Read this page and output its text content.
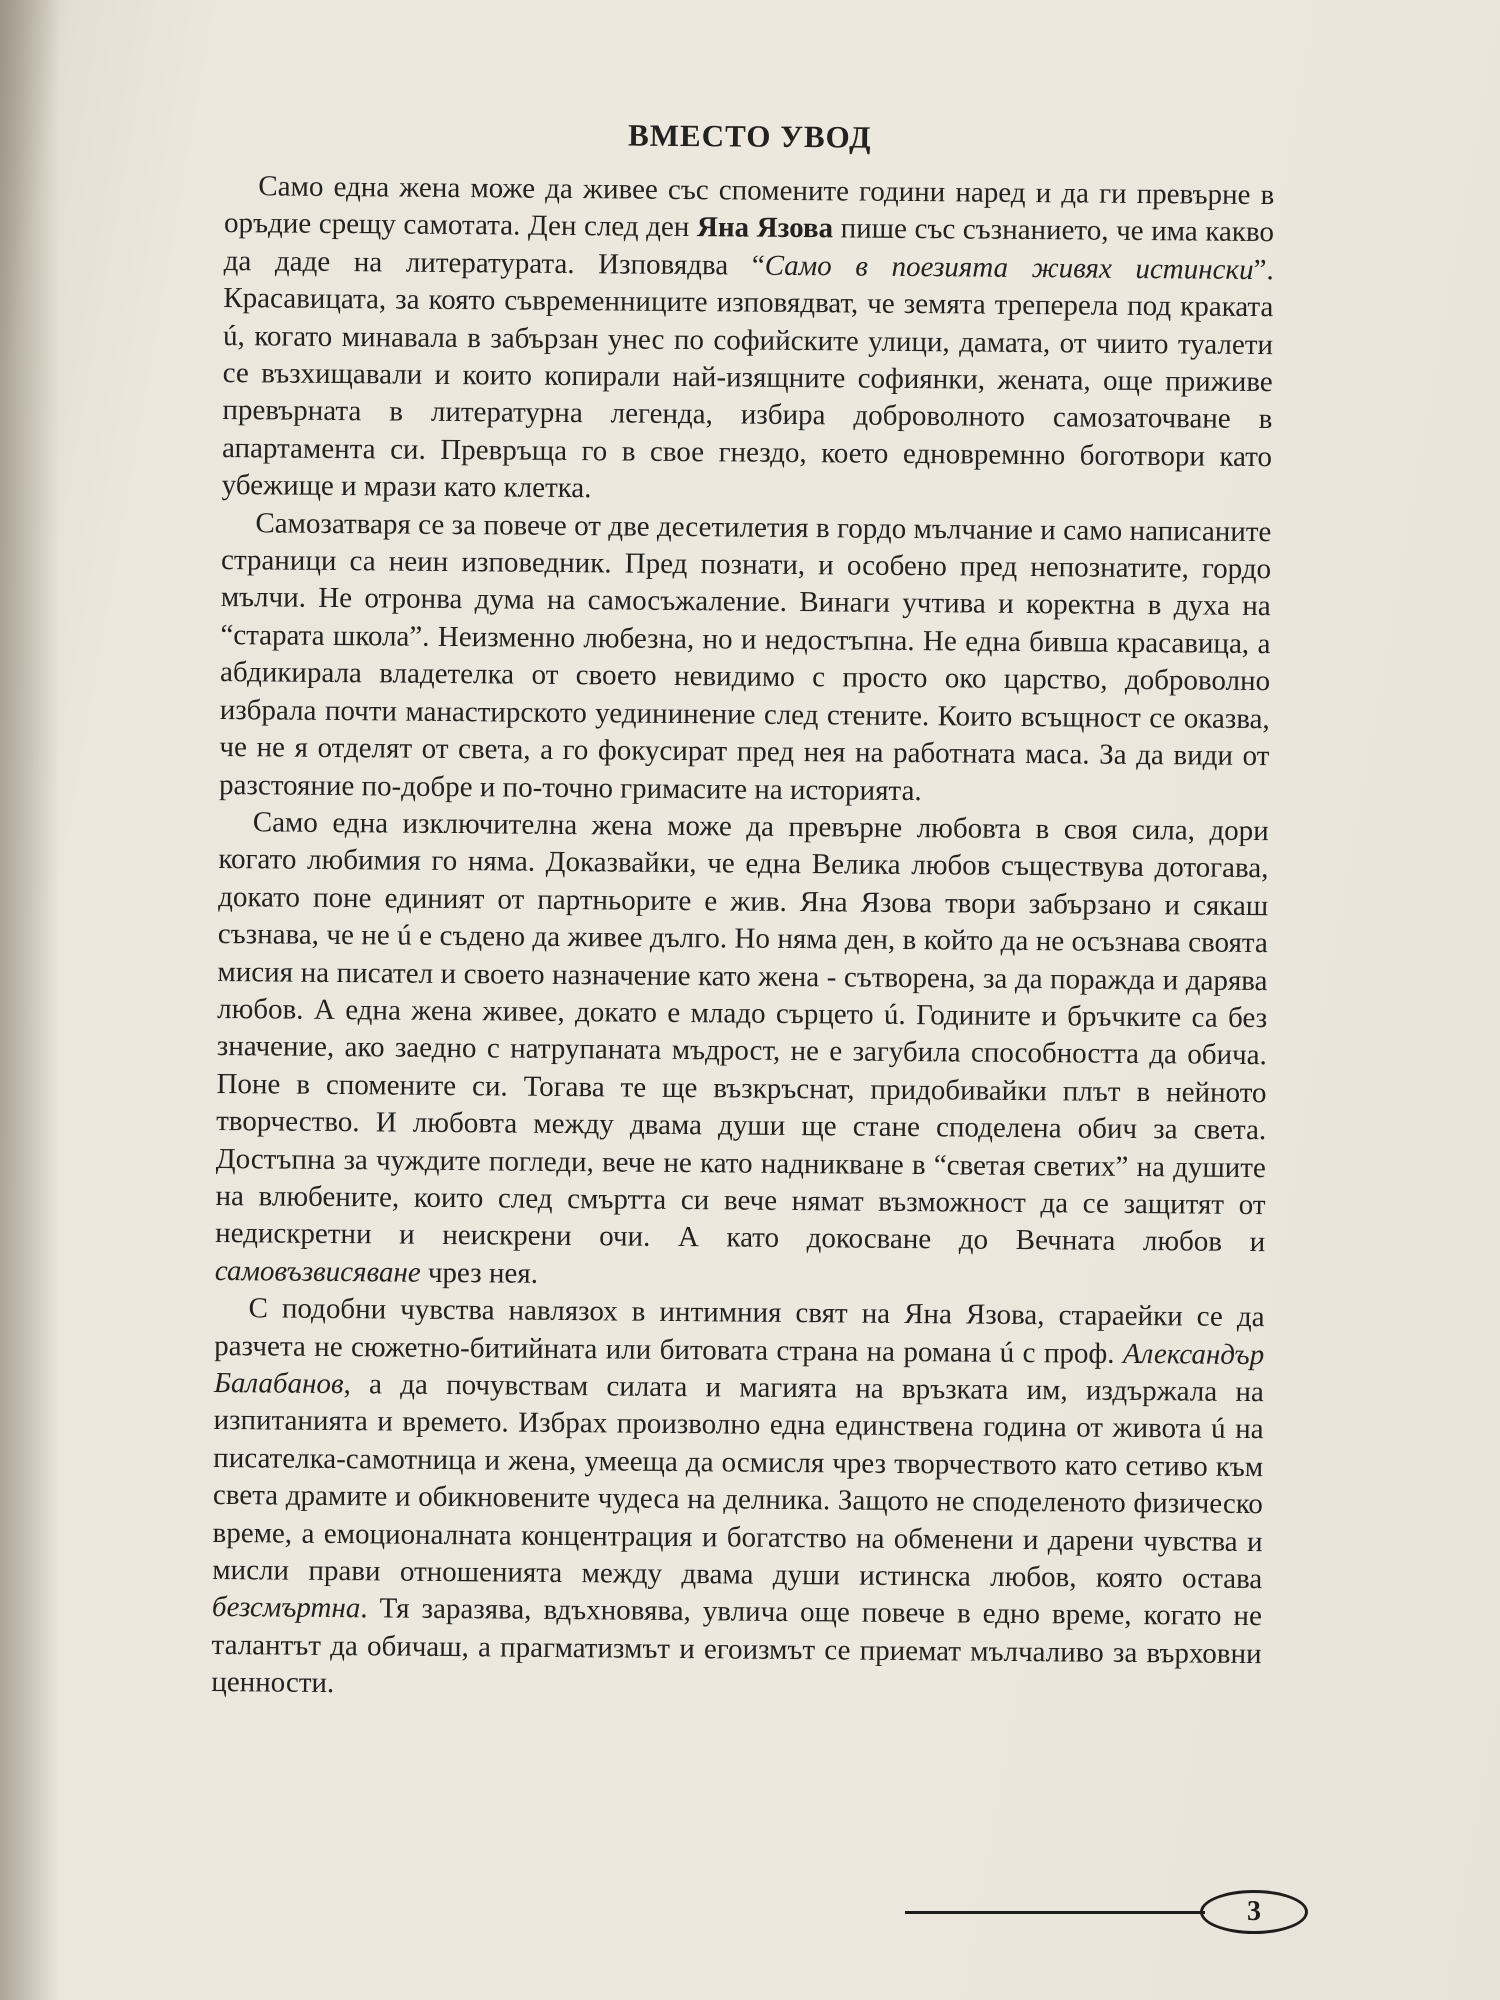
ВМЕСТО УВОД

Само една жена може да живее със спомените години наред и да ги превърне в оръдие срещу самотата. Ден след ден Яна Язова пише със съзнанието, че има какво да даде на литературата. Изповядва “Само в поезията живях истински”. Красавицата, за която съвременниците изповядват, че земята треперела под краката ú, когато минавала в забързан унес по софийските улици, дамата, от чиито туалети се възхищавали и които копирали най-изящните софиянки, жената, още приживе превърната в литературна легенда, избира доброволното самозаточване в апартамента си. Превръща го в свое гнездо, което едновремнно боготвори като убежище и мрази като клетка.

Самозатваря се за повече от две десетилетия в гордо мълчание и само написаните страници са неин изповедник. Пред познати, и особено пред непознатите, гордо мълчи. Не отронва дума на самосъжаление. Винаги учтива и коректна в духа на “старата школа”. Неизменно любезна, но и недостъпна. Не една бивша красавица, а абдикирала владетелка от своето невидимо с просто око царство, доброволно избрала почти манастирското уедининение след стените. Които всъщност се оказва, че не я отделят от света, а го фокусират пред нея на работната маса. За да види от разстояние по-добре и по-точно гримасите на историята.

Само една изключителна жена може да превърне любовта в своя сила, дори когато любимия го няма. Доказвайки, че една Велика любов съществува дотогава, докато поне единият от партньорите е жив. Яна Язова твори забързано и сякаш съзнава, че не ú е съдено да живее дълго. Но няма ден, в който да не осъзнава своята мисия на писател и своето назначение като жена - сътворена, за да поражда и дарява любов. А една жена живее, докато е младо сърцето ú. Годините и бръчките са без значение, ако заедно с натрупаната мъдрост, не е загубила способността да обича. Поне в спомените си. Тогава те ще възкръснат, придобивайки плът в нейното творчество. И любовта между двама души ще стане споделена обич за света. Достъпна за чуждите погледи, вече не като надникване в “светая светих” на душите на влюбените, които след смъртта си вече нямат възможност да се защитят от недискретни и неискрени очи. А като докосване до Вечната любов и самовъзвисяване чрез нея.

С подобни чувства навлязох в интимния свят на Яна Язова, стараейки се да разчета не сюжетно-битийната или битовата страна на романа ú с проф. Александър Балабанов, а да почувствам силата и магията на връзката им, издържала на изпитанията и времето. Избрах произволно една единствена година от живота ú на писателка-самотница и жена, умееща да осмисля чрез творчеството като сетиво към света драмите и обикновените чудеса на делника. Защото не споделеното физическо време, а емоционалната концентрация и богатство на обменени и дарени чувства и мисли прави отношенията между двама души истинска любов, която остава безсмъртна. Тя заразява, вдъхновява, увлича още повече в едно време, когато не талантът да обичаш, а прагматизмът и егоизмът се приемат мълчаливо за върховни ценности.

3
